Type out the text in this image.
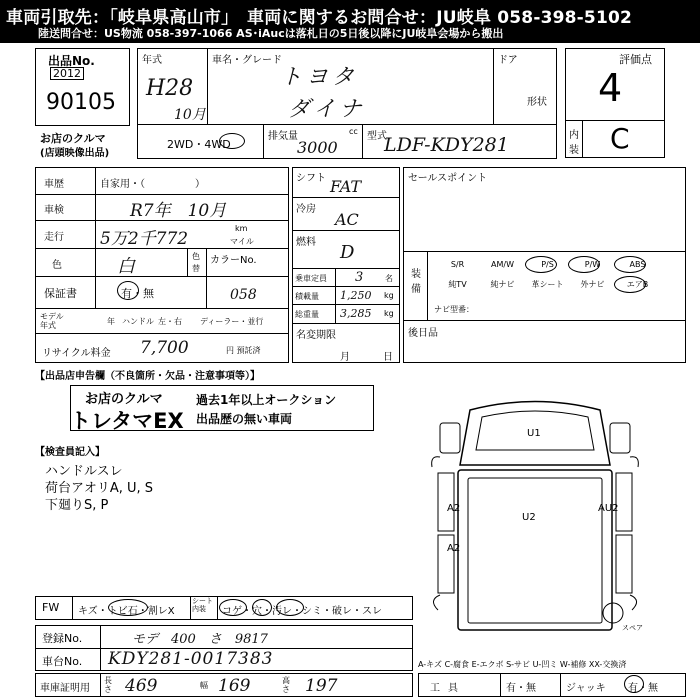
車両引取先：「岐阜県高山市」　車両に関するお問合せ：JU岐阜 058-398-5102
陸送問合せ：US物流 058-397-1066 AS･iAucは落札日の5日後以降にJU岐阜会場から搬出
出品No.
2012
90105
お店のクルマ
(店頭映像出品)
年式
H28
10月
車名・グレード
トヨタ
ダイナ
ドア
形状
2WD・4WD
排気量	cc
3000
型式
LDF-KDY281
評価点
4
内
装 C
車歴	自家用・（　　　　　）
車検	R7年　10月
走行 5万2千772
km
マイル
色	白	色
替
カラーNo.
058
保証書	有・無
モデル
年式	年 ハンドル 左・右 ディーラー・並行
リサイクル料金 7,700	円 預託済
シフト FAT
冷房
AC
燃料 D
乗車定員 3	名
積載量 1,250 kg
総重量 3,285 kg
名変期限
月	日
セールスポイント
装
備
S/R	AM/W	P/S	P/W	ABS
純TV	純ナビ	革シート	外ナビ	エアB
ナビ型番：
後日品
【出品店申告欄（不良箇所・欠品・注意事項等）】
お店のクルマ
トレタマEX
過去1年以上オークション
出品歴の無い車両
【検査員記入】
ハンドルスレ
荷台アオリA, U, S
下廻りS, P
U1
U2
A2	AU2
A2
スペア
FW キズ・トビ石・割レX
シート内装	コゲ・穴・汚レ・シミ・破レ・スレ
登録No.	モデ　400　さ　9817
車台No. KDY281-0017383	A-キズ C-腐食 E-エクボ S-サビ U-凹ミ W-補修 XX-交換済
車庫証明用
長さ 469	幅 169	高さ 197	工具	有・無	ジャッキ 有・無
